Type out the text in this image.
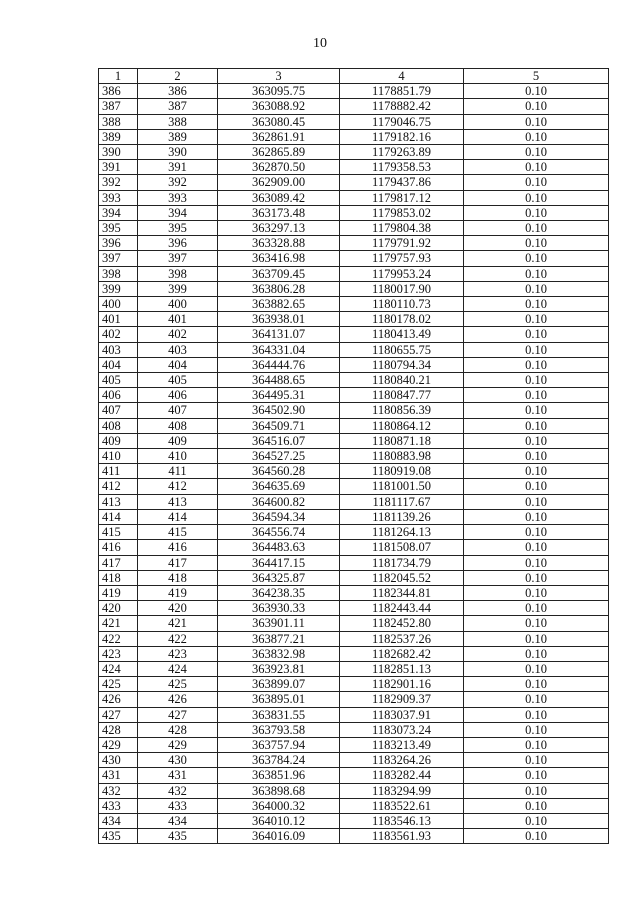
10
1	2	3	4	5
386	386	363095.75	1178851.79	0.10
387	387	363088.92	1178882.42	0.10
388	388	363080.45	1179046.75	0.10
389	389	362861.91	1179182.16	0.10
390	390	362865.89	1179263.89	0.10
391	391	362870.50	1179358.53	0.10
392	392	362909.00	1179437.86	0.10
393	393	363089.42	1179817.12	0.10
394	394	363173.48	1179853.02	0.10
395	395	363297.13	1179804.38	0.10
396	396	363328.88	1179791.92	0.10
397	397	363416.98	1179757.93	0.10
398	398	363709.45	1179953.24	0.10
399	399	363806.28	1180017.90	0.10
400	400	363882.65	1180110.73	0.10
401	401	363938.01	1180178.02	0.10
402	402	364131.07	1180413.49	0.10
403	403	364331.04	1180655.75	0.10
404	404	364444.76	1180794.34	0.10
405	405	364488.65	1180840.21	0.10
406	406	364495.31	1180847.77	0.10
407	407	364502.90	1180856.39	0.10
408	408	364509.71	1180864.12	0.10
409	409	364516.07	1180871.18	0.10
410	410	364527.25	1180883.98	0.10
411	411	364560.28	1180919.08	0.10
412	412	364635.69	1181001.50	0.10
413	413	364600.82	1181117.67	0.10
414	414	364594.34	1181139.26	0.10
415	415	364556.74	1181264.13	0.10
416	416	364483.63	1181508.07	0.10
417	417	364417.15	1181734.79	0.10
418	418	364325.87	1182045.52	0.10
419	419	364238.35	1182344.81	0.10
420	420	363930.33	1182443.44	0.10
421	421	363901.11	1182452.80	0.10
422	422	363877.21	1182537.26	0.10
423	423	363832.98	1182682.42	0.10
424	424	363923.81	1182851.13	0.10
425	425	363899.07	1182901.16	0.10
426	426	363895.01	1182909.37	0.10
427	427	363831.55	1183037.91	0.10
428	428	363793.58	1183073.24	0.10
429	429	363757.94	1183213.49	0.10
430	430	363784.24	1183264.26	0.10
431	431	363851.96	1183282.44	0.10
432	432	363898.68	1183294.99	0.10
433	433	364000.32	1183522.61	0.10
434	434	364010.12	1183546.13	0.10
435	435	364016.09	1183561.93	0.10
